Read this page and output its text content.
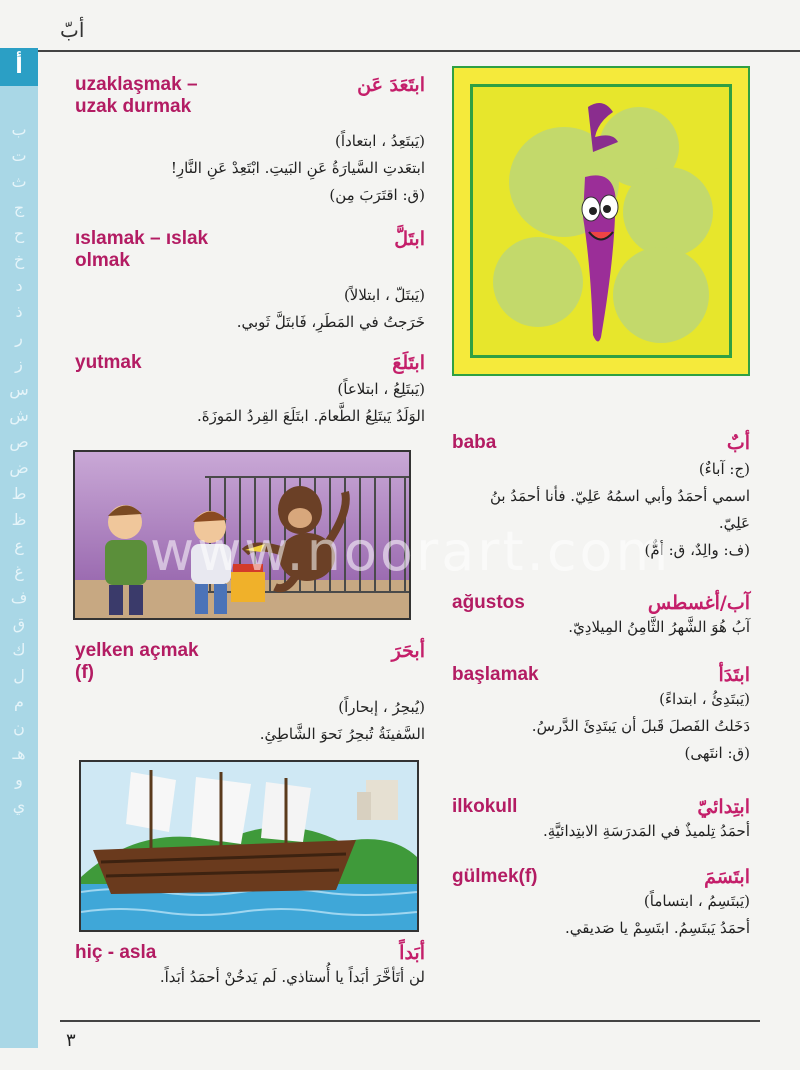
أبّ
أ
ب
ت
ث
ج
ح
خ
د
ذ
ر
ز
س
ش
ص
ض
ط
ظ
ع
غ
ف
ق
ك
ل
م
ن
هـ
و
ي
uzaklaşmak –
uzak durmak
ابتَعَدَ عَن
(يَبتَعِدُ ، ابتعاداً)
ابتعَدتِ السَّيارَةُ عَنِ البَيتِ. ابْتَعِدْ عَنِ النَّارِ!
(ق: اقتَرَبَ مِن)
ıslamak – ıslak
olmak
ابتَلَّ
(يَبتَلّ ، ابتلالاً)
خَرَجتُ في المَطَرِ، فَابتَلَّ ثَوبي.
yutmak	ابتَلَعَ
(يَبتَلِعُ ، ابتلاعاً)
الوَلَدُ يَبتَلِعُ الطَّعامَ. ابتَلَعَ القِردُ المَوزَةَ.
yelken açmak
(f)
أبحَرَ
(يُبحِرُ ، إبحاراً)
السَّفينَةُ تُبحِرُ نَحوَ الشَّاطِئِ.
hiç - asla	أبَداً
لن أتَأخَّرَ أبَداً يا أُستاذي. لَم يَدخُنْ أحمَدُ أبَداً.
baba	أبٌ
(ج: آباءٌ)
اسمي أحمَدُ وأبي اسمُهُ عَلِيّ. فأنا أحمَدُ بنُ
عَلِيّ.
(ف: والِدٌ، ق: أمٌّ)
ağustos	آب/أغسطس
آبُ هُوَ الشَّهرُ الثَّامِنُ المِيلادِيّ.
başlamak	ابتَدَأ
(يَبتَدِئُ ، ابتداءً)
دَخَلتُ الفَصلَ قَبلَ أن يَبتَدِئَ الدَّرسُ.
(ق: انتَهى)
ilkokull	ابتِدائيّ
أحمَدُ تِلميذٌ في المَدرَسَةِ الابتِدائيَّةِ.
gülmek(f)	ابتَسَمَ
(يَبتَسِمُ ، ابتساماً)
أحمَدُ يَبتَسِمُ. ابتَسِمْ يا صَديقي.
www.noorart.com
٣
